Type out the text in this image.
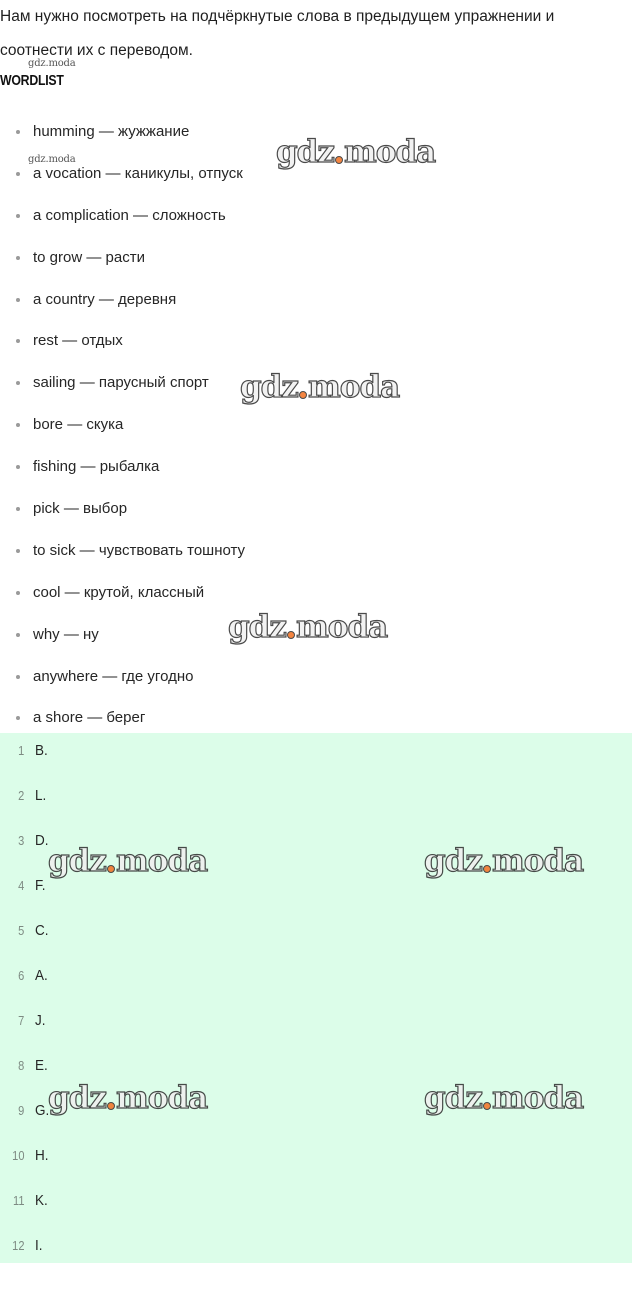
Нам нужно посмотреть на подчёркнутые слова в предыдущем упражнении и соотнести их с переводом.
gdz.moda
WORDLIST
humming — жужжание
a vocation — каникулы, отпуск
a complication — сложность
to grow — расти
a country — деревня
rest — отдых
sailing — парусный спорт
bore — скука
fishing — рыбалка
pick — выбор
to sick — чувствовать тошноту
cool — крутой, классный
why — ну
anywhere — где угодно
a shore — берег
gdz.moda
1 B.
2 L.
3 D.
4 F.
5 C.
6 A.
7 J.
8 E.
9 G.
10 H.
11 K.
12 I.
gdz moda
gdz moda
gdz moda
gdz moda	gdz moda
gdz moda	gdz moda
